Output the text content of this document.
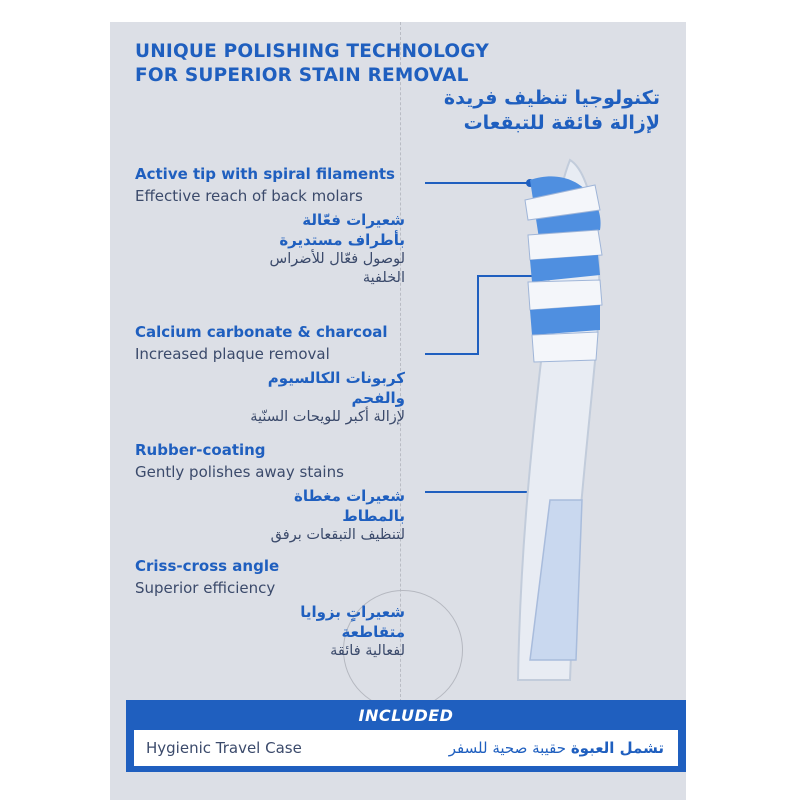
UNIQUE POLISHING TECHNOLOGY
FOR SUPERIOR STAIN REMOVAL
تكنولوجيا تنظيف فريدة
لإزالة فائقة للتبقعات
Active tip with spiral filaments
Effective reach of back molars
شعيرات فعّالة بأطراف مستديرة
لوصول فعّال للأضراس الخلفية
Calcium carbonate & charcoal
Increased plaque removal
كربونات الكالسيوم والفحم
لإزالة أكبر للويحات السنّية
Rubber-coating
Gently polishes away stains
شعيرات مغطاة بالمطاط
لتنظيف التبقعات برفق
Criss-cross angle
Superior efficiency
شعيراتٍ بزوايا متقاطعة
لفعالية فائقة
INCLUDED
Hygienic Travel Case	تشمل العبوة حقيبة صحية للسفر
